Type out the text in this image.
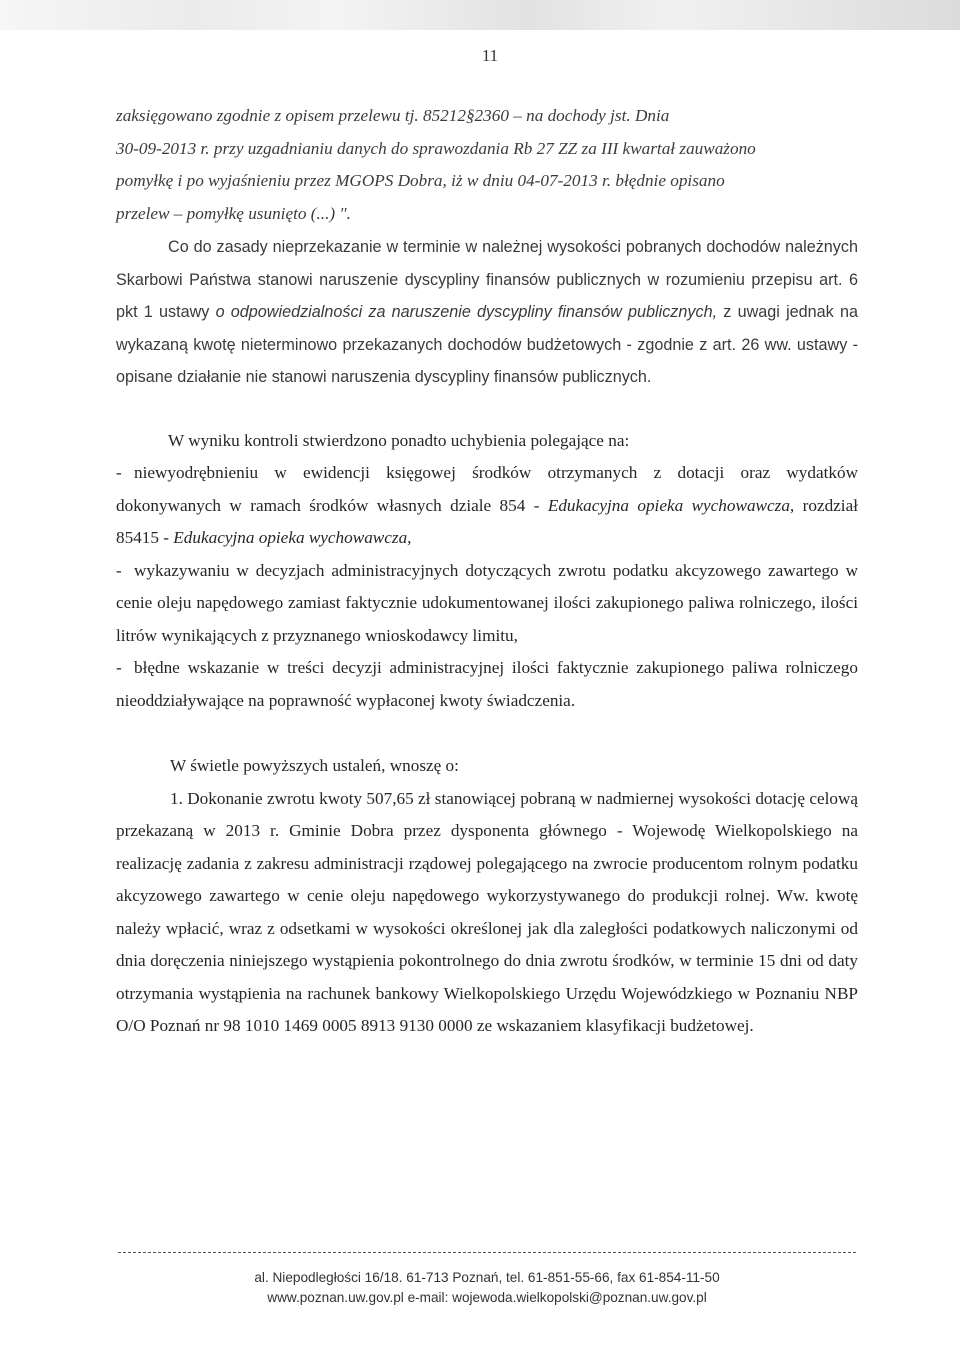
11
zaksięgowano zgodnie z opisem przelewu tj. 85212§2360 – na dochody jst. Dnia
30-09-2013 r. przy uzgadnianiu danych do sprawozdania Rb 27 ZZ za III kwartał zauważono
pomyłkę i po wyjaśnieniu przez MGOPS Dobra, iż w dniu 04-07-2013 r. błędnie opisano
przelew – pomyłkę usunięto (...) ".

Co do zasady nieprzekazanie w terminie w należnej wysokości pobranych dochodów należnych Skarbowi Państwa stanowi naruszenie dyscypliny finansów publicznych w rozumieniu przepisu art. 6 pkt 1 ustawy o odpowiedzialności za naruszenie dyscypliny finansów publicznych, z uwagi jednak na wykazaną kwotę nieterminowo przekazanych dochodów budżetowych - zgodnie z art. 26 ww. ustawy - opisane działanie nie stanowi naruszenia dyscypliny finansów publicznych.

W wyniku kontroli stwierdzono ponadto uchybienia polegające na:

- niewyodrębnieniu w ewidencji księgowej środków otrzymanych z dotacji oraz wydatków dokonywanych w ramach środków własnych dziale 854 - Edukacyjna opieka wychowawcza, rozdział 85415 - Edukacyjna opieka wychowawcza,

- wykazywaniu w decyzjach administracyjnych dotyczących zwrotu podatku akcyzowego zawartego w cenie oleju napędowego zamiast faktycznie udokumentowanej ilości zakupionego paliwa rolniczego, ilości litrów wynikających z przyznanego wnioskodawcy limitu,

- błędne wskazanie w treści decyzji administracyjnej ilości faktycznie zakupionego paliwa rolniczego nieoddziaływające na poprawność wypłaconej kwoty świadczenia.

W świetle powyższych ustaleń, wnoszę o:

1. Dokonanie zwrotu kwoty 507,65 zł stanowiącej pobraną w nadmiernej wysokości dotację celową przekazaną w 2013 r. Gminie Dobra przez dysponenta głównego - Wojewodę Wielkopolskiego na realizację zadania z zakresu administracji rządowej polegającego na zwrocie producentom rolnym podatku akcyzowego zawartego w cenie oleju napędowego wykorzystywanego do produkcji rolnej. Ww. kwotę należy wpłacić, wraz z odsetkami w wysokości określonej jak dla zaległości podatkowych naliczonymi od dnia doręczenia niniejszego wystąpienia pokontrolnego do dnia zwrotu środków, w terminie 15 dni od daty otrzymania wystąpienia na rachunek bankowy Wielkopolskiego Urzędu Wojewódzkiego w Poznaniu NBP O/O Poznań nr 98 1010 1469 0005 8913 9130 0000 ze wskazaniem klasyfikacji budżetowej.

al. Niepodległości 16/18. 61-713 Poznań, tel. 61-851-55-66, fax 61-854-11-50
www.poznan.uw.gov.pl e-mail: wojewoda.wielkopolski@poznan.uw.gov.pl
